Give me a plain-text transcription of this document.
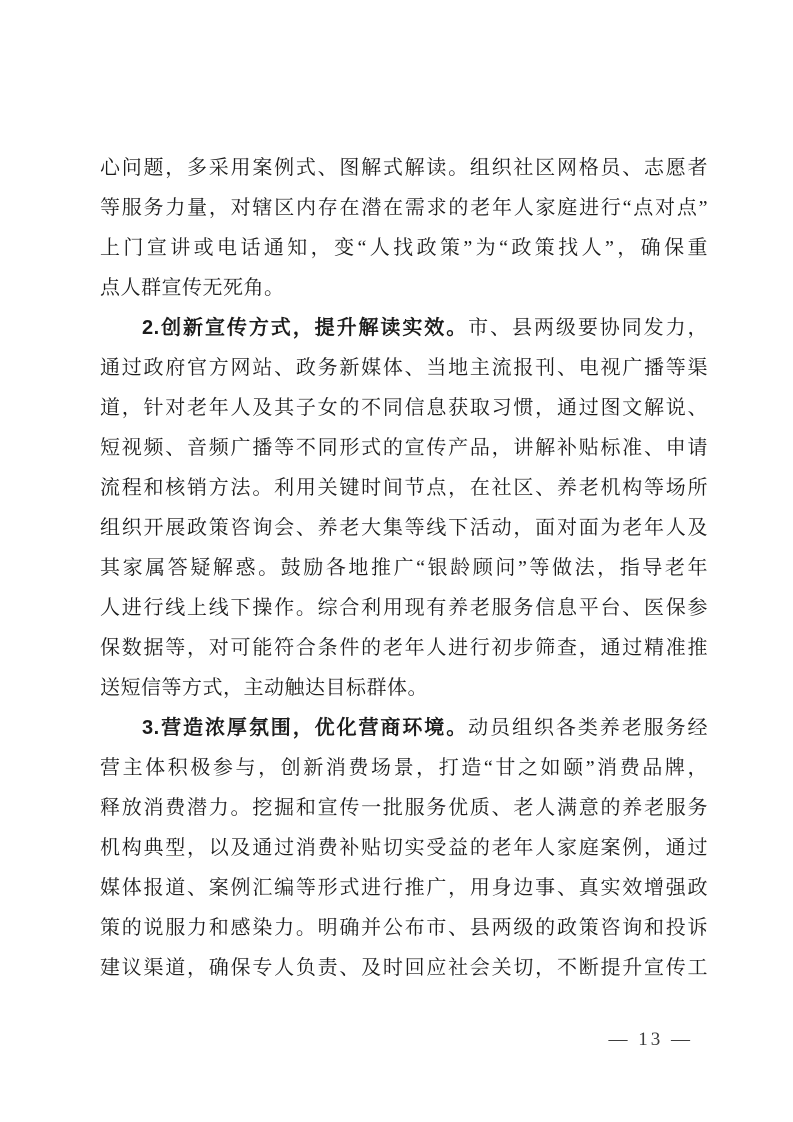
心问题，多采用案例式、图解式解读。组织社区网格员、志愿者
等服务力量，对辖区内存在潜在需求的老年人家庭进行“点对点”
上门宣讲或电话通知，变“人找政策”为“政策找人”，确保重
点人群宣传无死角。
2.创新宣传方式，提升解读实效。市、县两级要协同发力，
通过政府官方网站、政务新媒体、当地主流报刊、电视广播等渠
道，针对老年人及其子女的不同信息获取习惯，通过图文解说、
短视频、音频广播等不同形式的宣传产品，讲解补贴标准、申请
流程和核销方法。利用关键时间节点，在社区、养老机构等场所
组织开展政策咨询会、养老大集等线下活动，面对面为老年人及
其家属答疑解惑。鼓励各地推广“银龄顾问”等做法，指导老年
人进行线上线下操作。综合利用现有养老服务信息平台、医保参
保数据等，对可能符合条件的老年人进行初步筛查，通过精准推
送短信等方式，主动触达目标群体。
3.营造浓厚氛围，优化营商环境。动员组织各类养老服务经
营主体积极参与，创新消费场景，打造“甘之如颐”消费品牌，
释放消费潜力。挖掘和宣传一批服务优质、老人满意的养老服务
机构典型，以及通过消费补贴切实受益的老年人家庭案例，通过
媒体报道、案例汇编等形式进行推广，用身边事、真实效增强政
策的说服力和感染力。明确并公布市、县两级的政策咨询和投诉
建议渠道，确保专人负责、及时回应社会关切，不断提升宣传工
— 13 —
